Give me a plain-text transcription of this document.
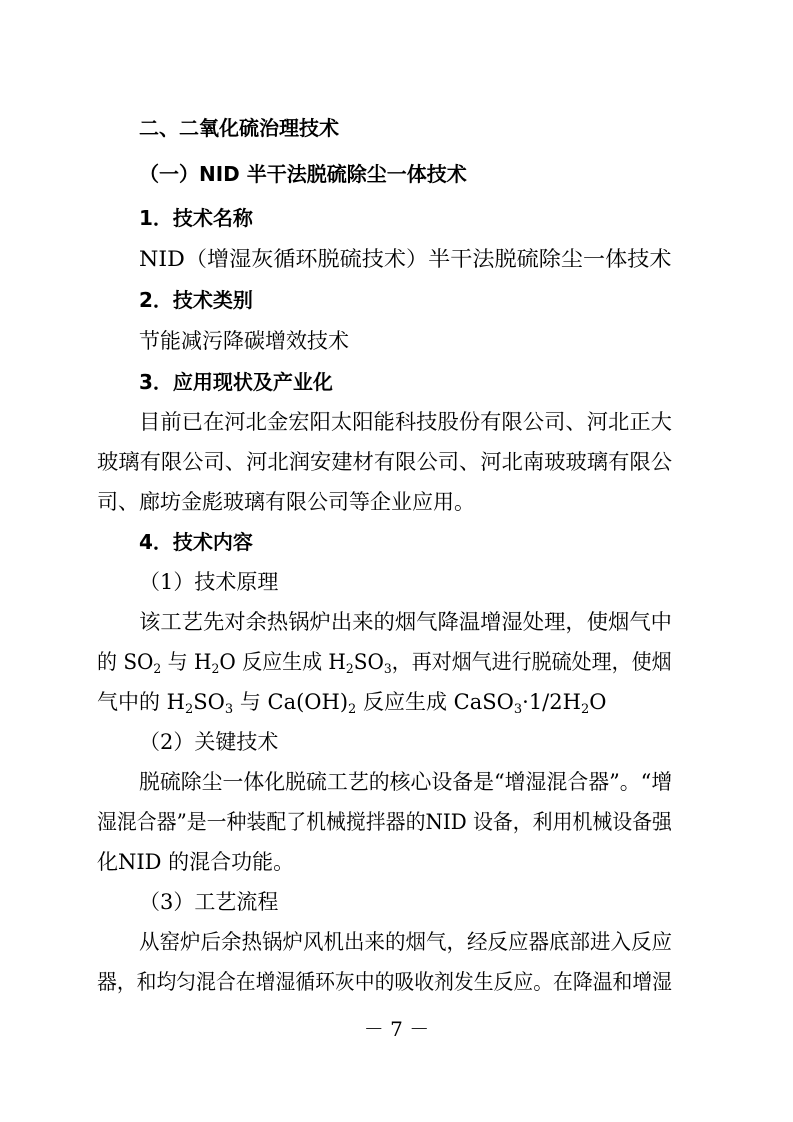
二、二氧化硫治理技术
（一）NID 半干法脱硫除尘一体技术
1．技术名称
NID（增湿灰循环脱硫技术）半干法脱硫除尘一体技术
2．技术类别
节能减污降碳增效技术
3．应用现状及产业化
目前已在河北金宏阳太阳能科技股份有限公司、河北正大
玻璃有限公司、河北润安建材有限公司、河北南玻玻璃有限公
司、廊坊金彪玻璃有限公司等企业应用。
4．技术内容
（1）技术原理
该工艺先对余热锅炉出来的烟气降温增湿处理，使烟气中
的 $SO_2$ 与 $H_2O$ 反应生成 $H_2SO_3$，再对烟气进行脱硫处理，使烟
气中的 $H_2SO_3$ 与 $Ca(OH)_2$ 反应生成 $CaSO_3\cdot 1/2H_2O$
（2）关键技术
脱硫除尘一体化脱硫工艺的核心设备是“增湿混合器”。“增
湿混合器”是一种装配了机械搅拌器的NID 设备，利用机械设备强
化NID 的混合功能。
（3）工艺流程
从窑炉后余热锅炉风机出来的烟气，经反应器底部进入反应
器，和均匀混合在增湿循环灰中的吸收剂发生反应。在降温和增湿
－ 7 －
